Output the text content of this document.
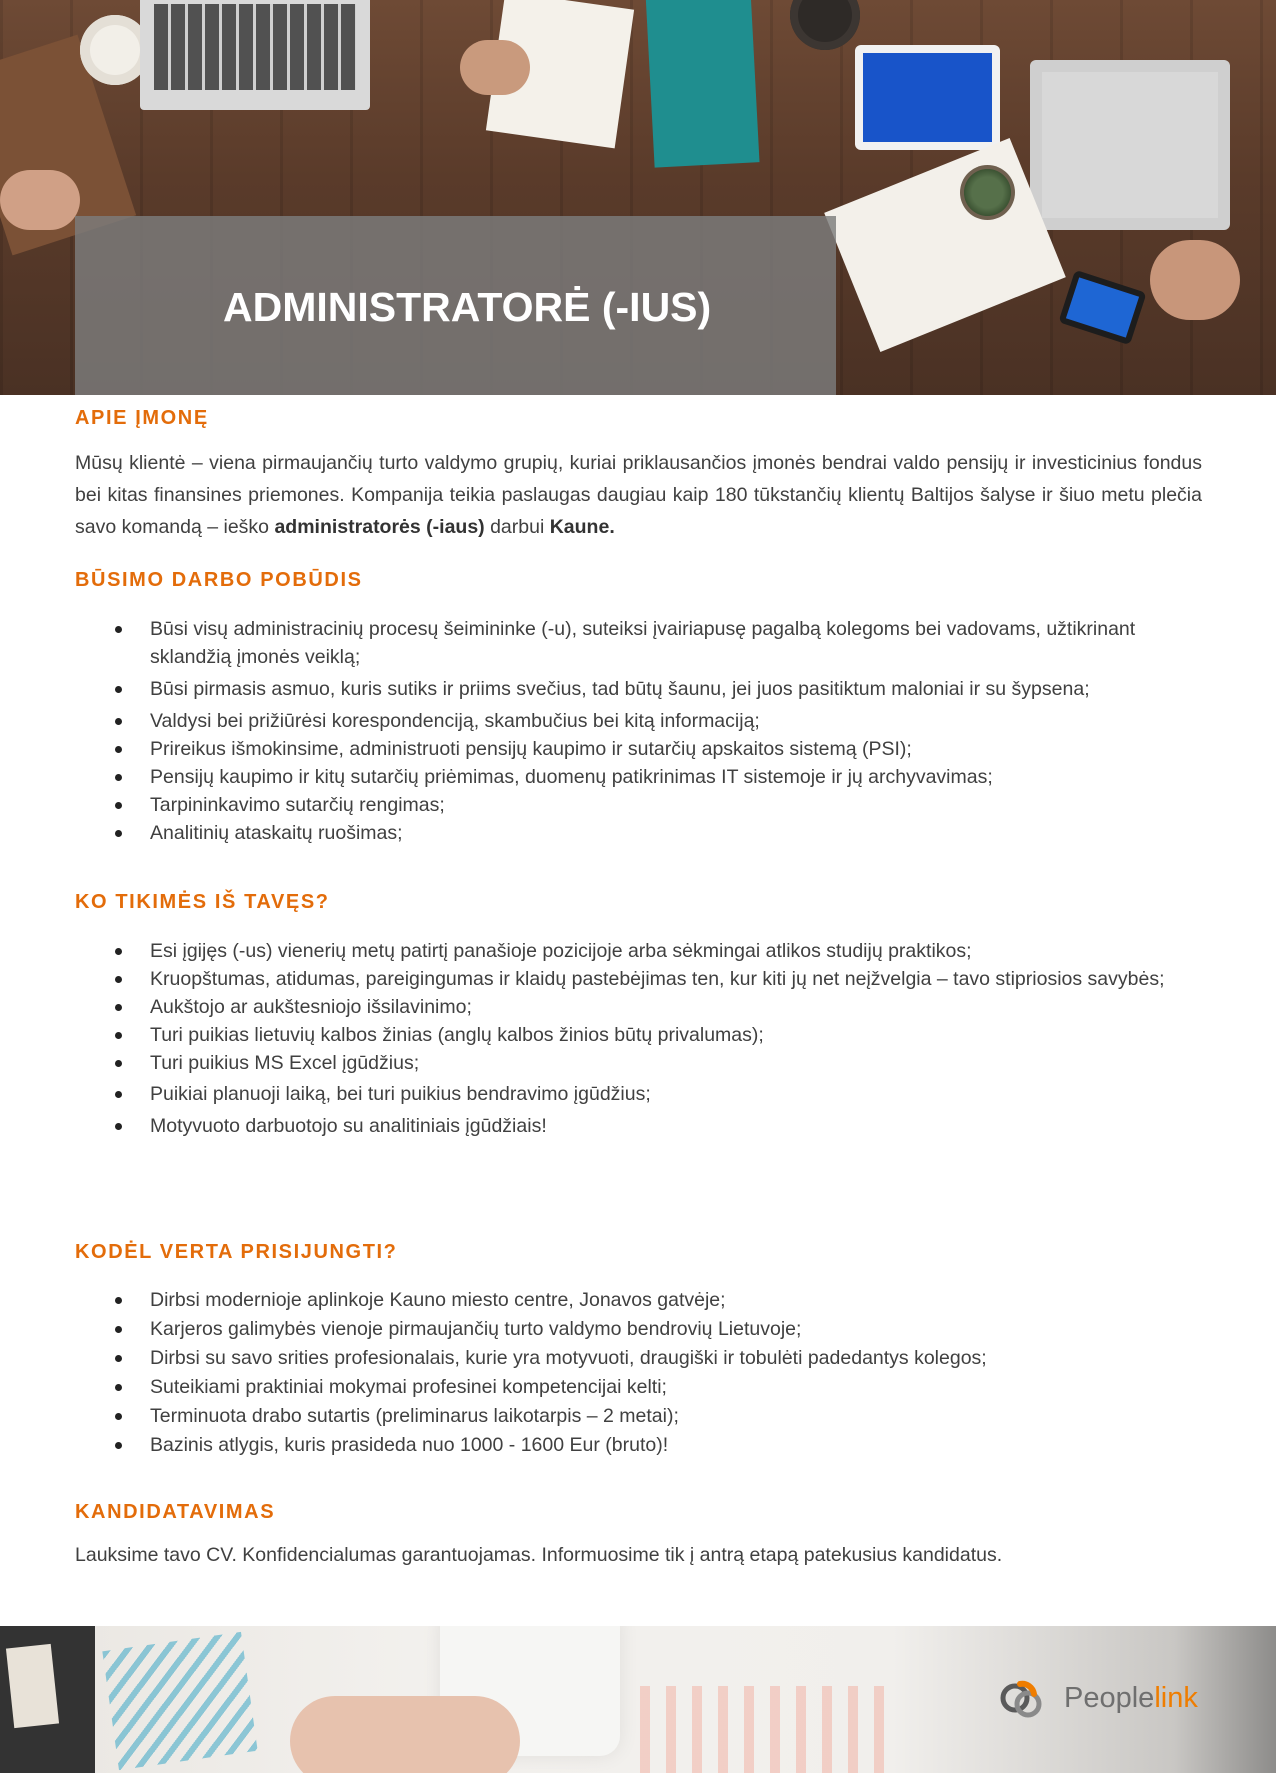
ADMINISTRATORĖ (-IUS)
APIE ĮMONĘ

Mūsų klientė – viena pirmaujančių turto valdymo grupių, kuriai priklausančios įmonės bendrai valdo pensijų ir investicinius fondus bei kitas finansines priemones. Kompanija teikia paslaugas daugiau kaip 180 tūkstančių klientų Baltijos šalyse ir šiuo metu plečia savo komandą – ieško administratorės (-iaus) darbui Kaune.

BŪSIMO DARBO POBŪDIS
Būsi visų administracinių procesų šeimininke (-u), suteiksi įvairiapusę pagalbą kolegoms bei vadovams, užtikrinant sklandžią įmonės veiklą;
Būsi pirmasis asmuo, kuris sutiks ir priims svečius, tad būtų šaunu, jei juos pasitiktum maloniai ir su šypsena;
Valdysi bei prižiūrėsi korespondenciją, skambučius bei kitą informaciją;
Prireikus išmokinsime, administruoti pensijų kaupimo ir sutarčių apskaitos sistemą (PSI);
Pensijų kaupimo ir kitų sutarčių priėmimas, duomenų patikrinimas IT sistemoje ir jų archyvavimas;
Tarpininkavimo sutarčių rengimas;
Analitinių ataskaitų ruošimas;
KO TIKIMĖS IŠ TAVĘS?
Esi įgijęs (-us) vienerių metų patirtį panašioje pozicijoje arba sėkmingai atlikos studijų praktikos;
Kruopštumas, atidumas, pareigingumas ir klaidų pastebėjimas ten, kur kiti jų net neįžvelgia – tavo stipriosios savybės;
Aukštojo ar aukštesniojo išsilavinimo;
Turi puikias lietuvių kalbos žinias (anglų kalbos žinios būtų privalumas);
Turi puikius MS Excel įgūdžius;
Puikiai planuoji laiką, bei turi puikius bendravimo įgūdžius;
Motyvuoto darbuotojo su analitiniais įgūdžiais!
KODĖL VERTA PRISIJUNGTI?
Dirbsi modernioje aplinkoje Kauno miesto centre, Jonavos gatvėje;
Karjeros galimybės vienoje pirmaujančių turto valdymo bendrovių Lietuvoje;
Dirbsi su savo srities profesionalais, kurie yra motyvuoti, draugiški ir tobulėti padedantys kolegos;
Suteikiami praktiniai mokymai profesinei kompetencijai kelti;
Terminuota drabo sutartis (preliminarus laikotarpis – 2 metai);
Bazinis atlygis, kuris prasideda nuo 1000 - 1600 Eur (bruto)!
KANDIDATAVIMAS

Lauksime tavo CV. Konfidencialumas garantuojamas. Informuosime tik į antrą etapą patekusius kandidatus.

Peoplelink
